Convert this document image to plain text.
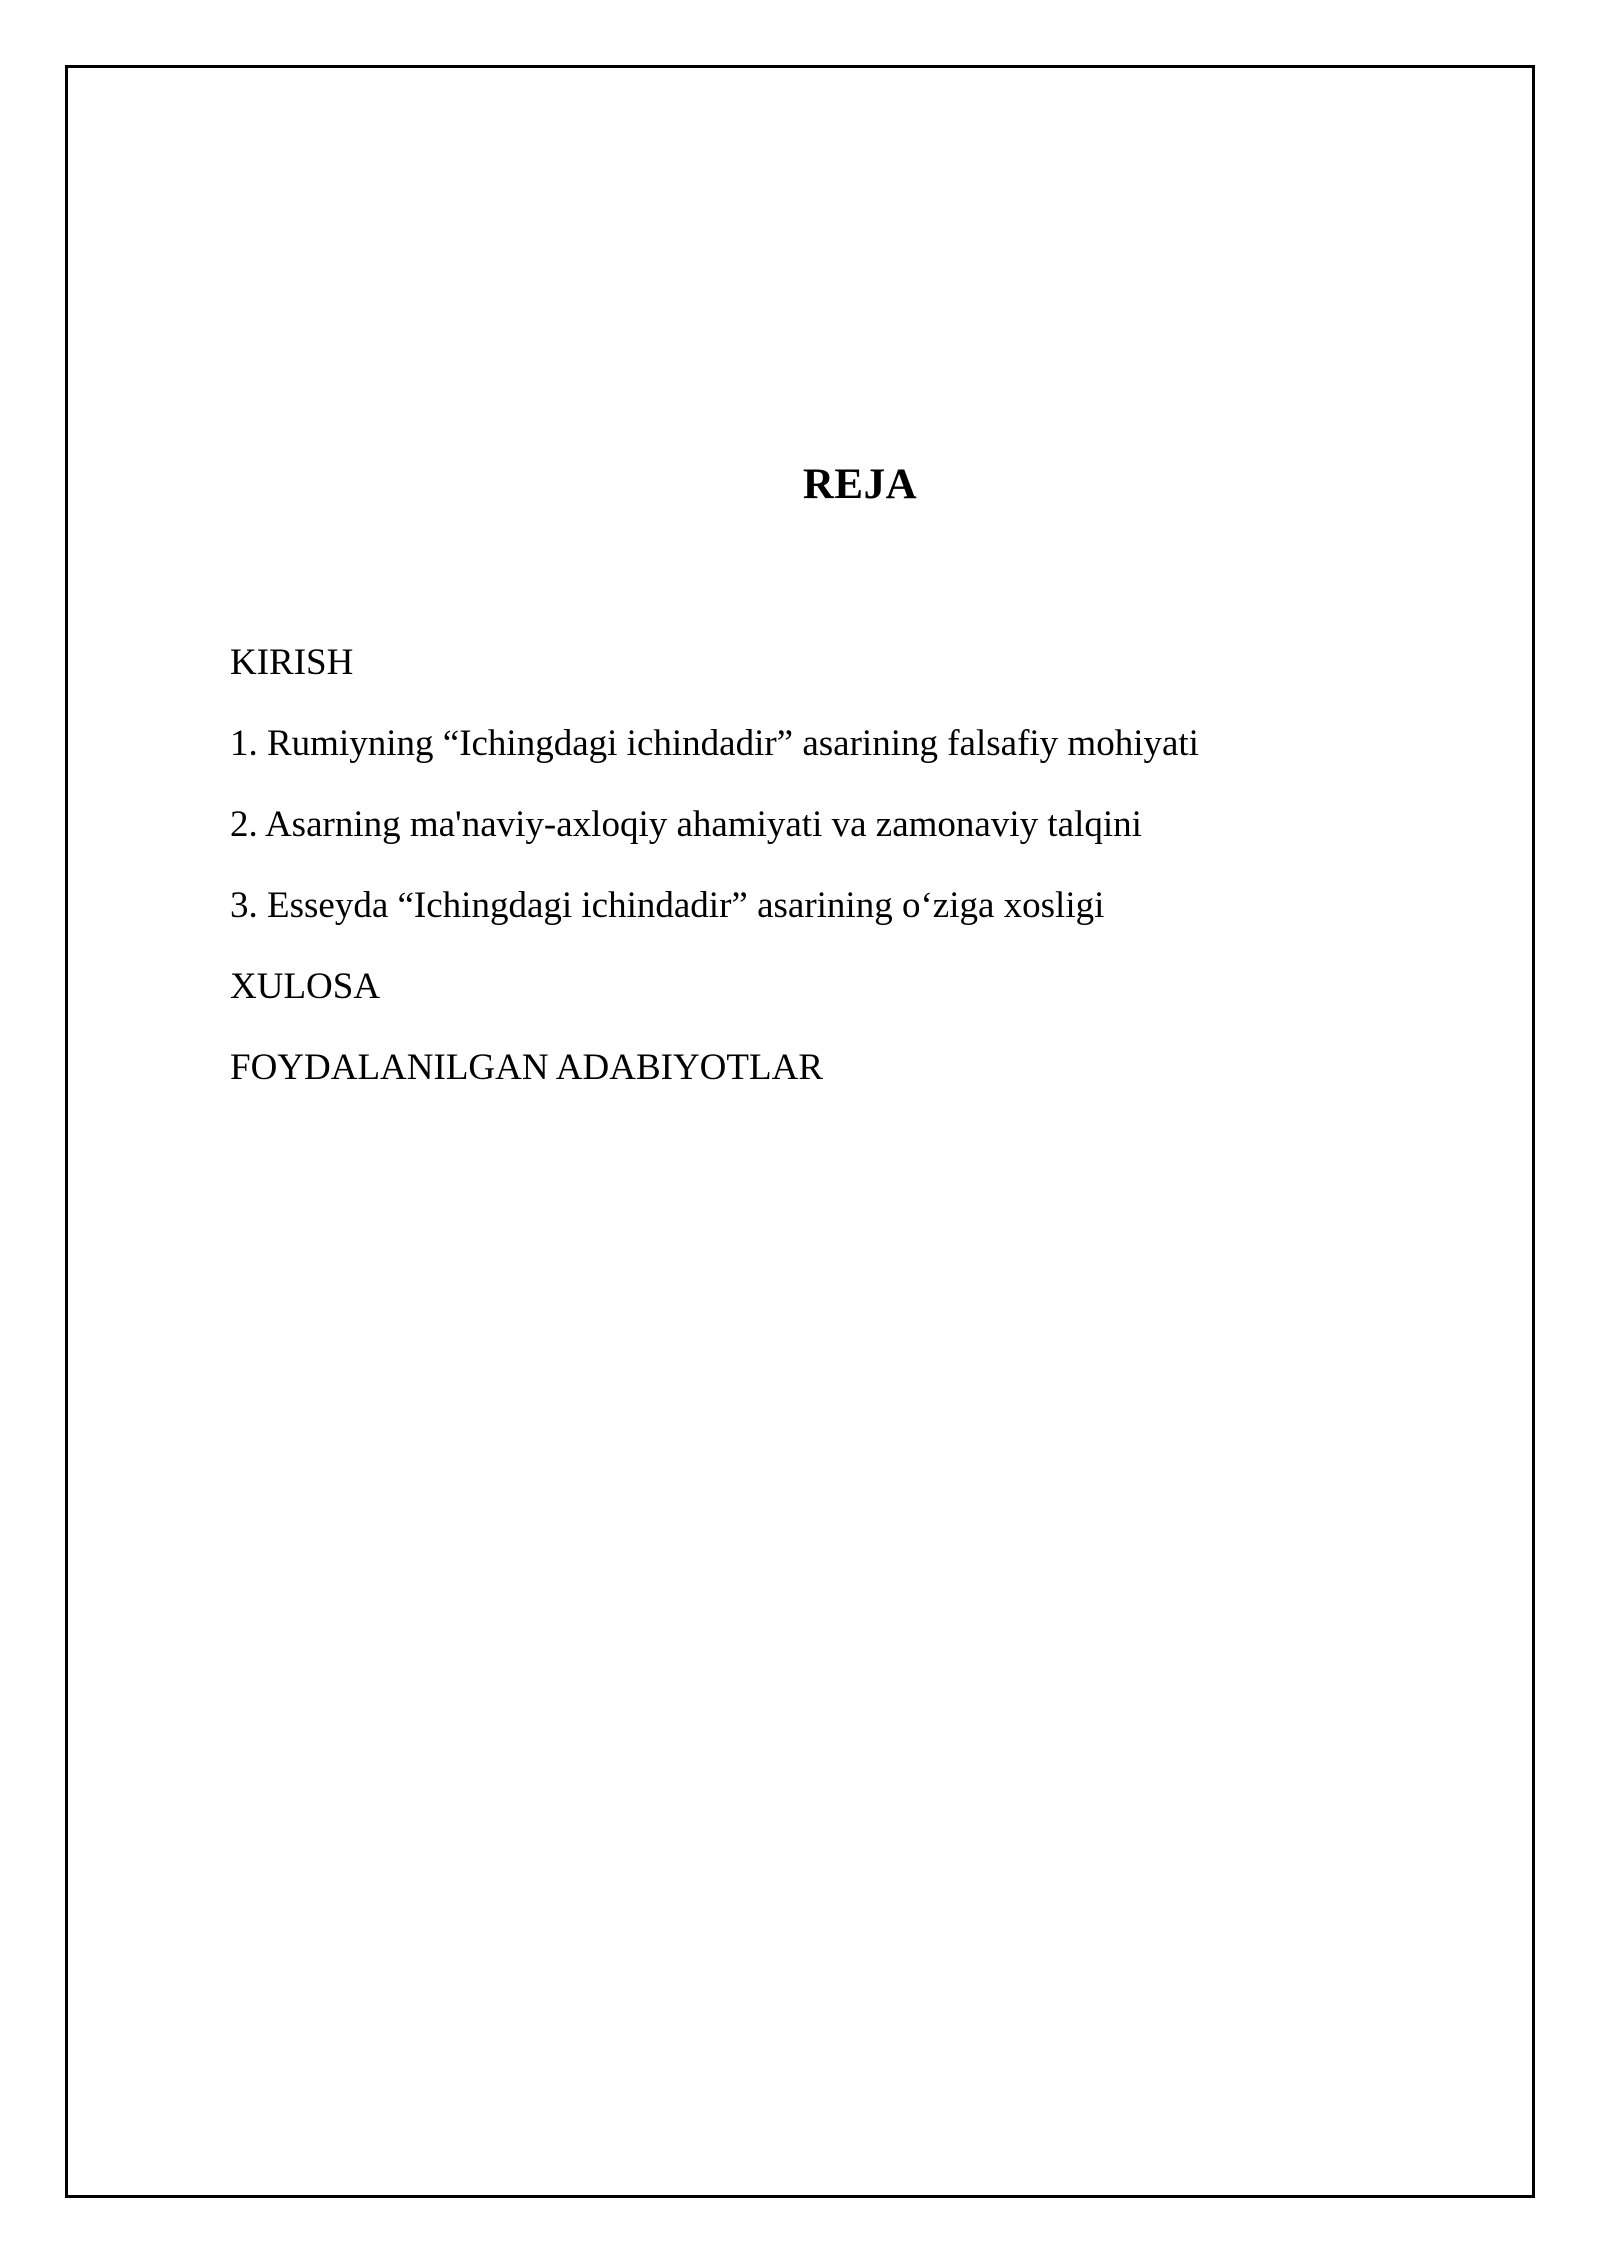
REJA
KIRISH
1. Rumiyning “Ichingdagi ichindadir” asarining falsafiy mohiyati
2. Asarning ma'naviy-axloqiy ahamiyati va zamonaviy talqini
3. Esseyda “Ichingdagi ichindadir” asarining o‘ziga xosligi
XULOSA
FOYDALANILGAN ADABIYOTLAR
